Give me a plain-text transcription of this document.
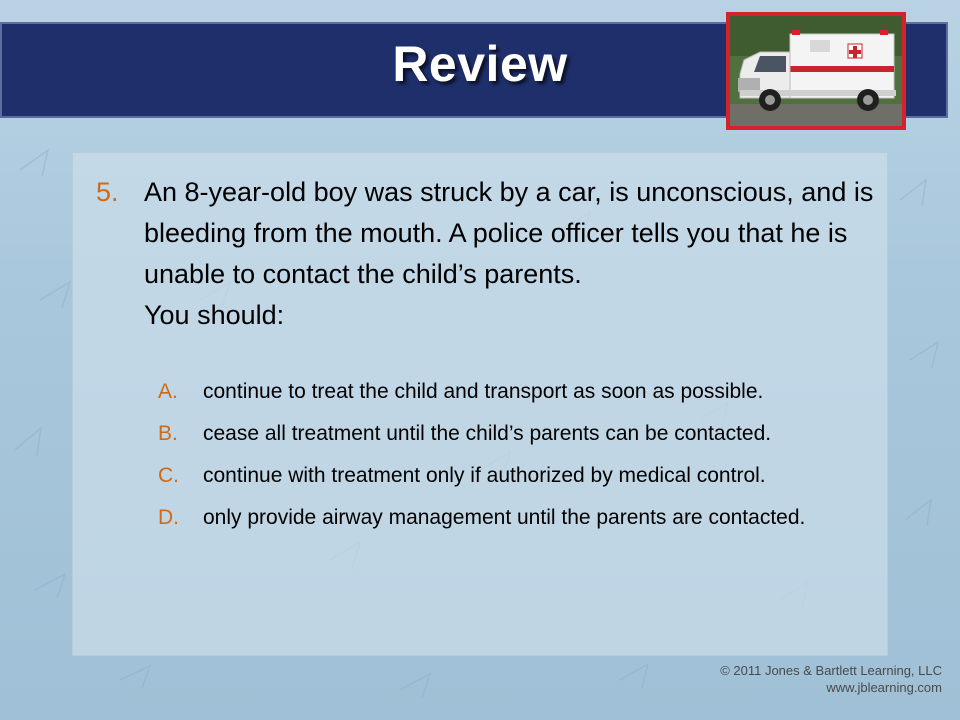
Review
5. An 8-year-old boy was struck by a car, is unconscious, and is bleeding from the mouth. A police officer tells you that he is unable to contact the child’s parents.
You should:
A. continue to treat the child and transport as soon as possible.
B. cease all treatment until the child’s parents can be contacted.
C. continue with treatment only if authorized by medical control.
D. only provide airway management until the parents are contacted.
© 2011 Jones & Bartlett Learning, LLC
www.jblearning.com
